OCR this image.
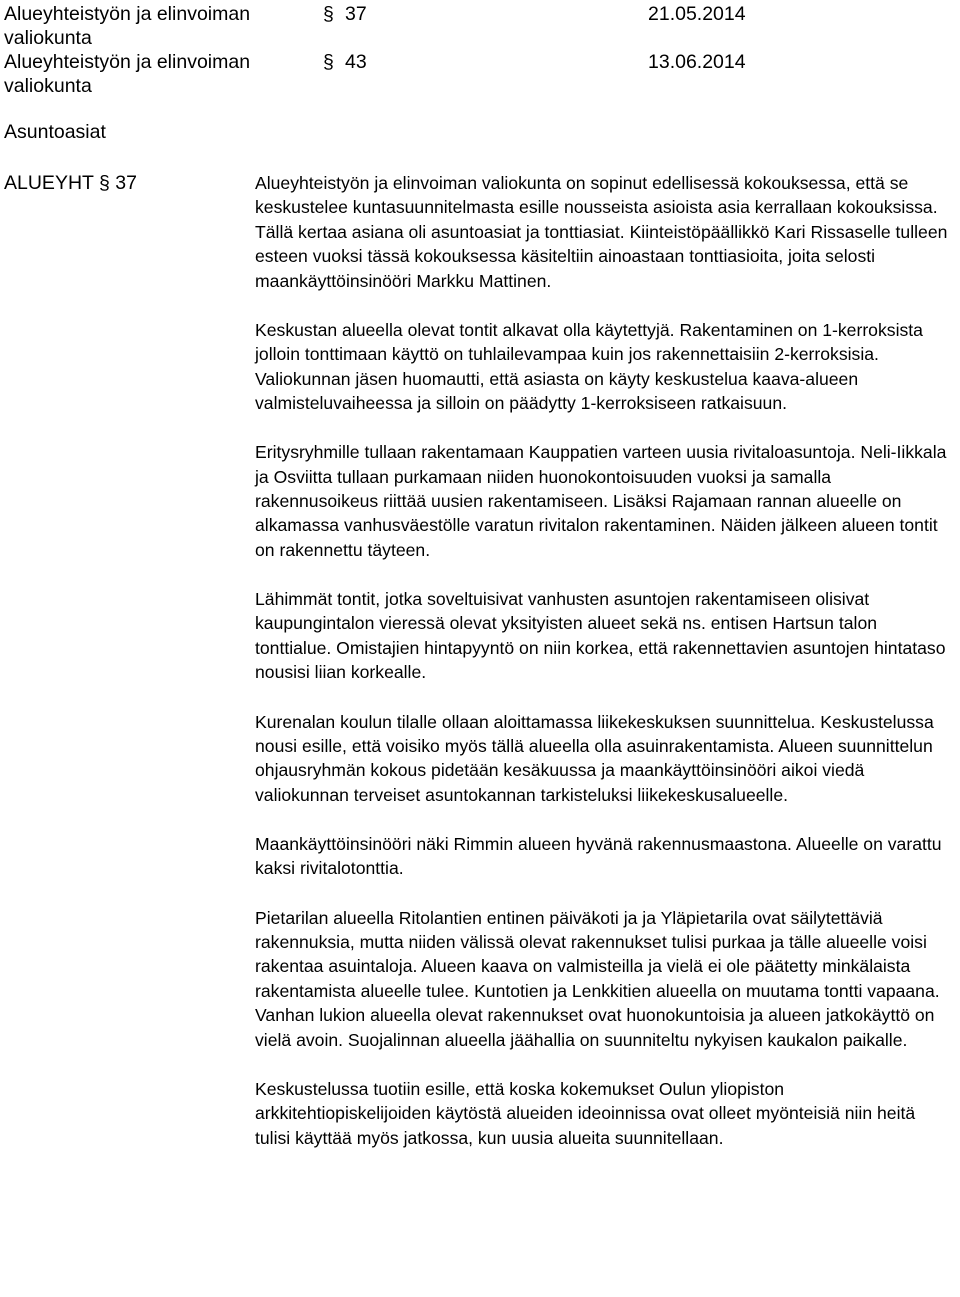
Alueyhteistyön ja elinvoiman valiokunta
§ 37	21.05.2014
Alueyhteistyön ja elinvoiman valiokunta
§ 43	13.06.2014
Asuntoasiat
ALUEYHT § 37	Alueyhteistyön ja elinvoiman valiokunta on sopinut edellisessä kokouksessa, että se keskustelee kuntasuunnitelmasta esille nousseista asioista asia kerrallaan kokouksissa. Tällä kertaa asiana oli asuntoasiat ja tonttiasiat. Kiinteistöpäällikkö Kari Rissaselle tulleen esteen vuoksi tässä kokouksessa käsiteltiin ainoastaan tonttiasioita, joita selosti maankäyttöinsinööri Markku Mattinen.

Keskustan alueella olevat tontit alkavat olla käytettyjä. Rakentaminen on 1-kerroksista jolloin tonttimaan käyttö on tuhlailevampaa kuin jos rakennettaisiin 2-kerroksisia. Valiokunnan jäsen huomautti, että asiasta on käyty keskustelua kaava-alueen valmisteluvaiheessa ja silloin on päädytty 1-kerroksiseen ratkaisuun.

Eritysryhmille tullaan rakentamaan Kauppatien varteen uusia rivitaloasuntoja. Neli-Iikkala ja Osviitta tullaan purkamaan niiden huonokontoisuuden vuoksi ja samalla rakennusoikeus riittää uusien rakentamiseen. Lisäksi Rajamaan rannan alueelle on alkamassa vanhusväestölle varatun rivitalon rakentaminen. Näiden jälkeen alueen tontit on rakennettu täyteen.

Lähimmät tontit, jotka soveltuisivat vanhusten asuntojen rakentamiseen olisivat kaupungintalon vieressä olevat yksityisten alueet sekä ns. entisen Hartsun talon tonttialue. Omistajien hintapyyntö on niin korkea, että rakennettavien asuntojen hintataso nousisi liian korkealle.

Kurenalan koulun tilalle ollaan aloittamassa liikekeskuksen suunnittelua. Keskustelussa nousi esille, että voisiko myös tällä alueella olla asuinrakentamista. Alueen suunnittelun ohjausryhmän kokous pidetään kesäkuussa ja maankäyttöinsinööri aikoi viedä valiokunnan terveiset asuntokannan tarkisteluksi liikekeskusalueelle.

Maankäyttöinsinööri näki Rimmin alueen hyvänä rakennusmaastona. Alueelle on varattu kaksi rivitalotonttia.

Pietarilan alueella Ritolantien entinen päiväkoti ja ja Yläpietarila ovat säilytettäviä rakennuksia, mutta niiden välissä olevat rakennukset tulisi purkaa ja tälle alueelle voisi rakentaa asuintaloja. Alueen kaava on valmisteilla ja vielä ei ole päätetty minkälaista rakentamista alueelle tulee. Kuntotien ja Lenkkitien alueella on muutama tontti vapaana. Vanhan lukion alueella olevat rakennukset ovat huonokuntoisia ja alueen jatkokäyttö on vielä avoin. Suojalinnan alueella jäähallia on suunniteltu nykyisen kaukalon paikalle.

Keskustelussa tuotiin esille, että koska kokemukset Oulun yliopiston arkkitehtiopiskelijoiden käytöstä alueiden ideoinnissa ovat olleet myönteisiä niin heitä tulisi käyttää myös jatkossa, kun uusia alueita suunnitellaan.
